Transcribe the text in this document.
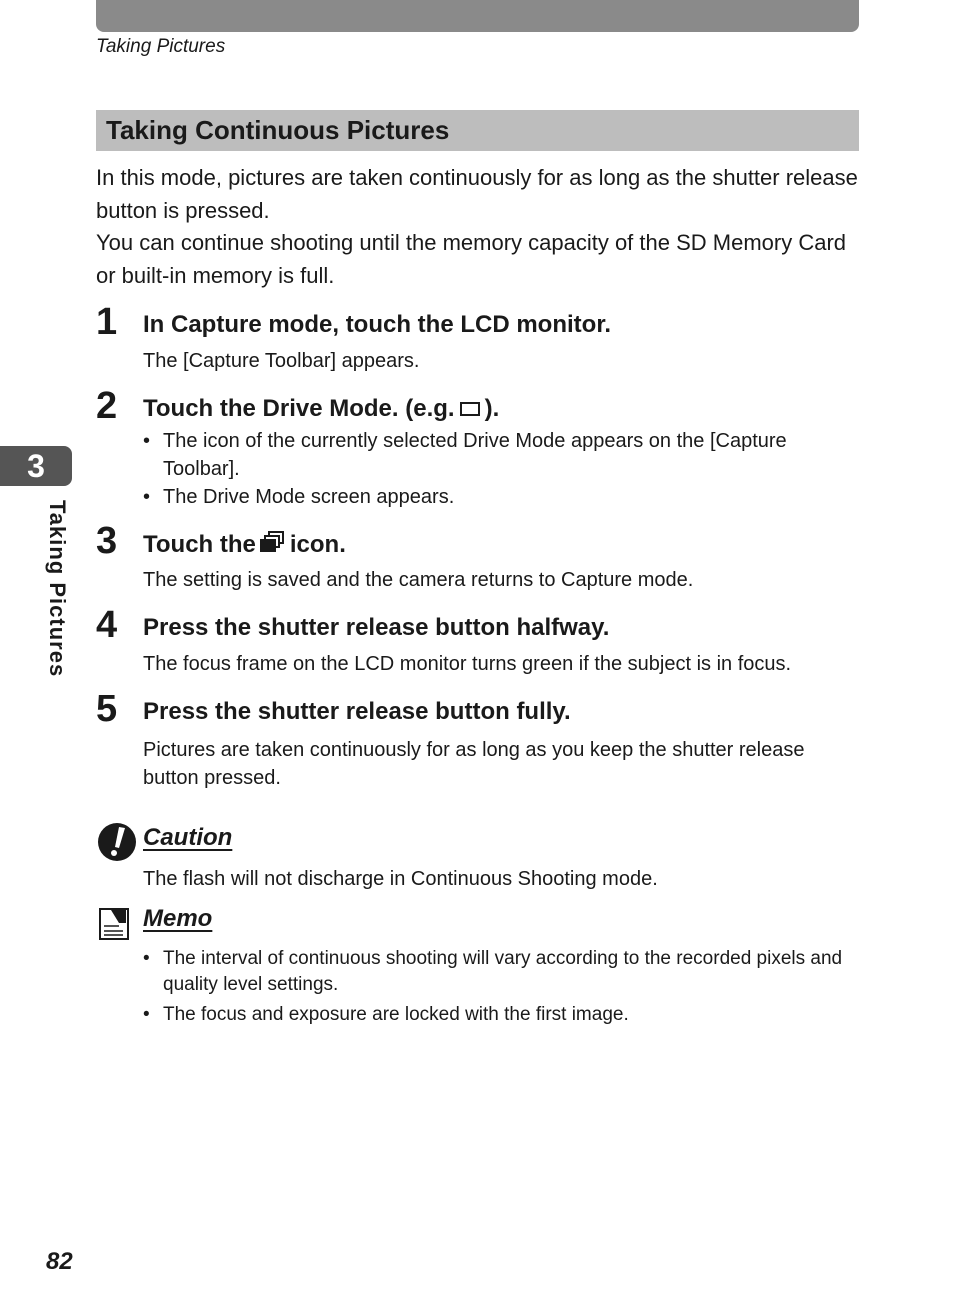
Taking Pictures
3
Taking Pictures
Taking Continuous Pictures

In this mode, pictures are taken continuously for as long as the shutter release button is pressed.

You can continue shooting until the memory capacity of the SD Memory Card or built-in memory is full.

1 In Capture mode, touch the LCD monitor.
The [Capture Toolbar] appears.
2 Touch the Drive Mode. (e.g. ).
• The icon of the currently selected Drive Mode appears on the [Capture Toolbar].
• The Drive Mode screen appears.
3 Touch the icon.
The setting is saved and the camera returns to Capture mode.
4 Press the shutter release button halfway.
The focus frame on the LCD monitor turns green if the subject is in focus.
5 Press the shutter release button fully.
Pictures are taken continuously for as long as you keep the shutter release button pressed.
Caution
The flash will not discharge in Continuous Shooting mode.
Memo
• The interval of continuous shooting will vary according to the recorded pixels and quality level settings.
• The focus and exposure are locked with the first image.
82
